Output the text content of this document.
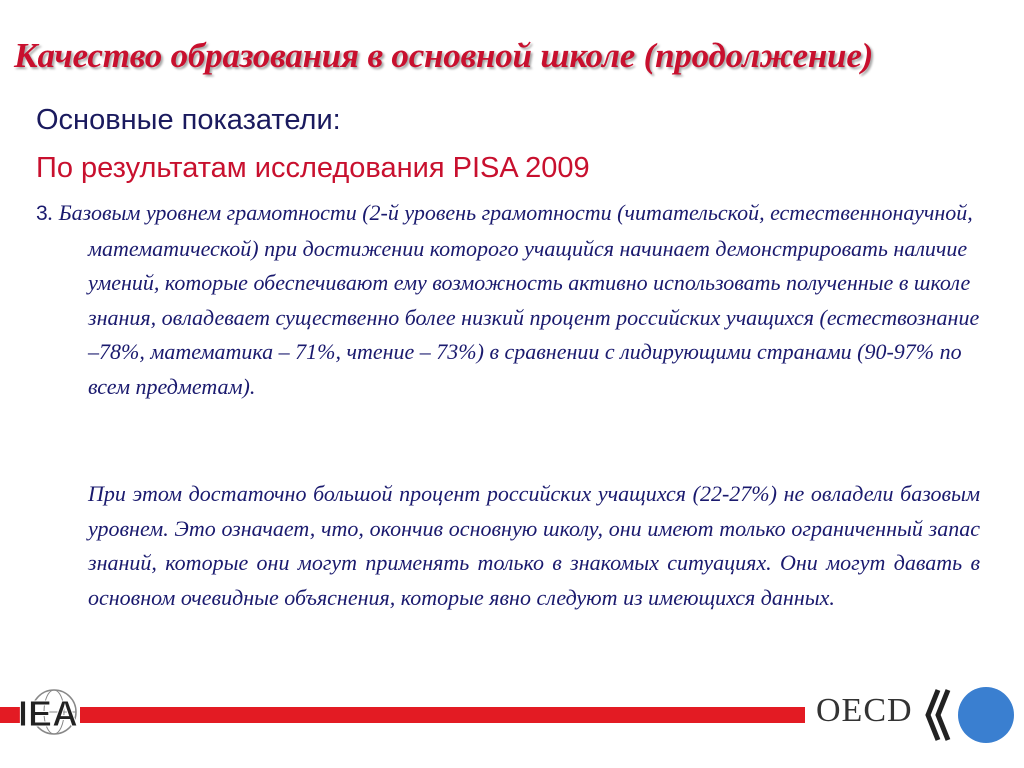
Качество образования в основной школе (продолжение)
Основные показатели:
По результатам исследования PISA 2009
3. Базовым уровнем грамотности (2-й уровень грамотности (читательской, естественнонаучной, математической) при достижении которого учащийся начинает демонстрировать наличие умений, которые обеспечивают ему возможность активно использовать полученные в школе знания, овладевает существенно более низкий процент российских учащихся (естествознание –78%, математика – 71%, чтение – 73%) в сравнении с лидирующими странами (90-97% по всем предметам).
При этом достаточно большой процент российских учащихся (22-27%) не овладели базовым уровнем. Это означает, что, окончив основную школу, они имеют только ограниченный запас знаний, которые они могут применять только в знакомых ситуациях. Они могут давать в основном очевидные объяснения, которые явно следуют из имеющихся данных.
IEA	OECD
